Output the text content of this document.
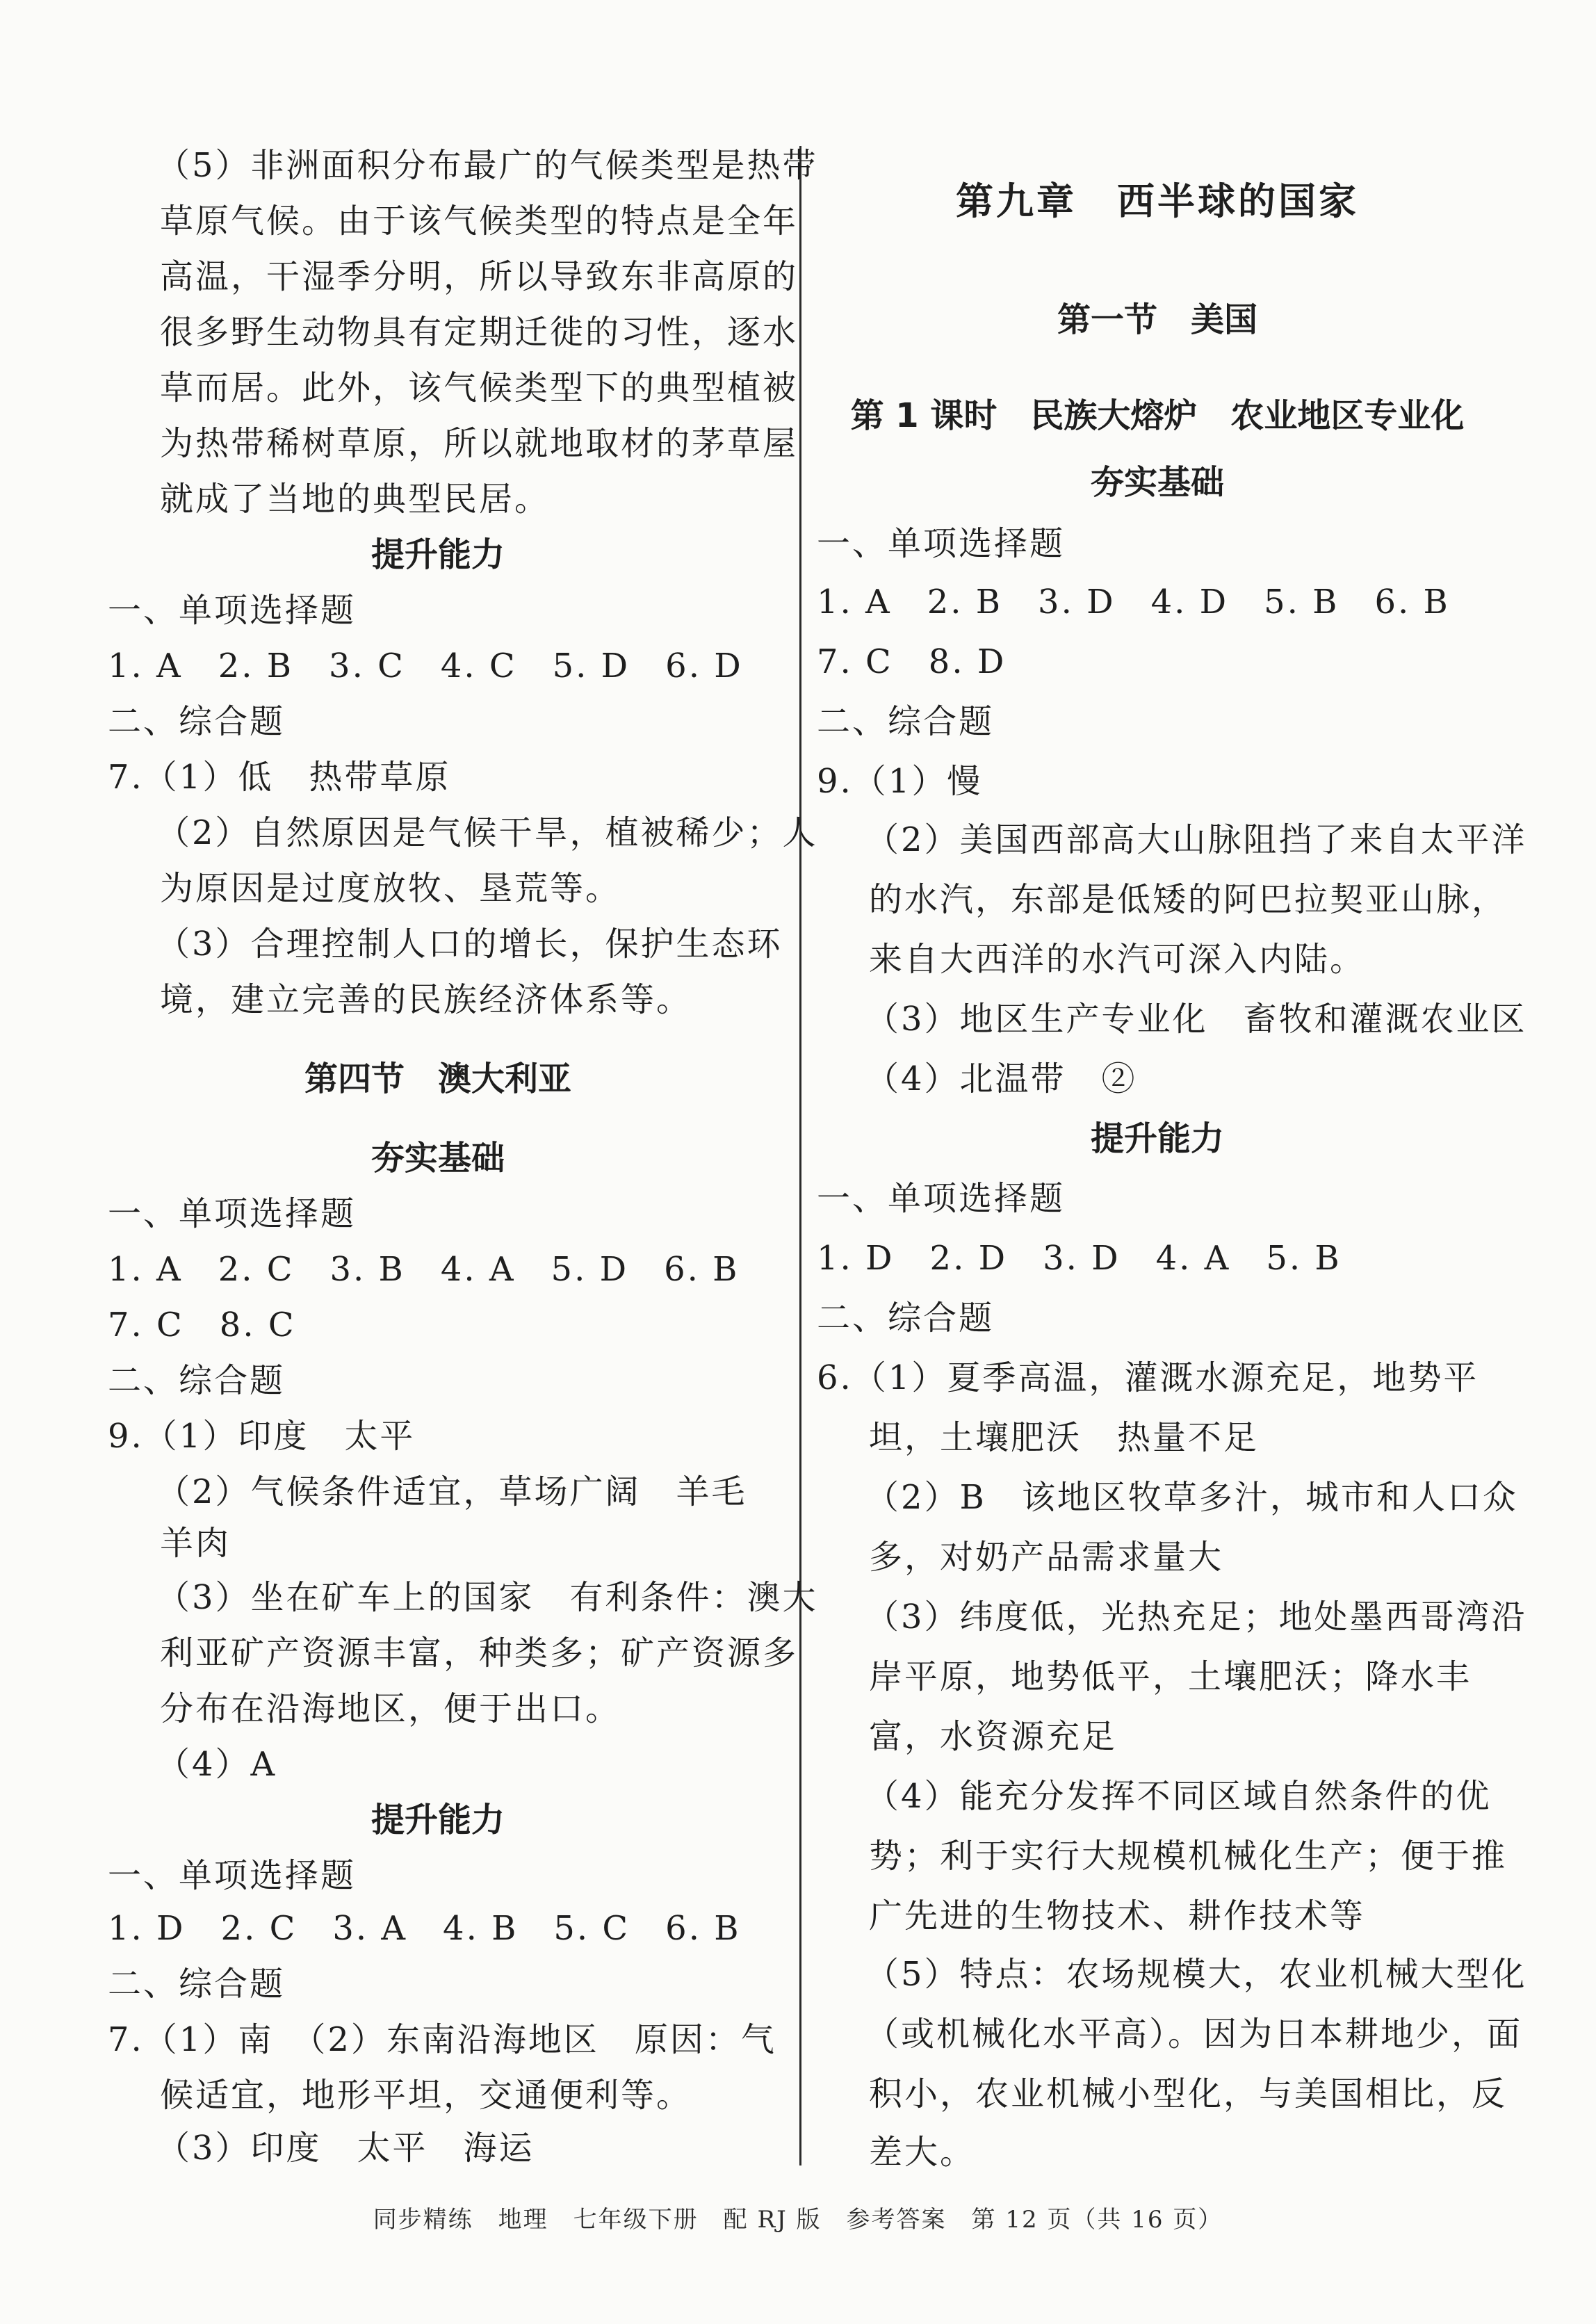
（5）非洲面积分布最广的气候类型是热带
草原气候。由于该气候类型的特点是全年
高温，干湿季分明，所以导致东非高原的
很多野生动物具有定期迁徙的习性，逐水
草而居。此外，该气候类型下的典型植被
为热带稀树草原，所以就地取材的茅草屋
就成了当地的典型民居。
提升能力
一、单项选择题
1. A　2. B　3. C　4. C　5. D　6. D
二、综合题
7.（1）低　热带草原
（2）自然原因是气候干旱，植被稀少；人
为原因是过度放牧、垦荒等。
（3）合理控制人口的增长，保护生态环
境，建立完善的民族经济体系等。
第四节　澳大利亚
夯实基础
一、单项选择题
1. A　2. C　3. B　4. A　5. D　6. B
7. C　8. C
二、综合题
9.（1）印度　太平
（2）气候条件适宜，草场广阔　羊毛
羊肉
（3）坐在矿车上的国家　有利条件：澳大
利亚矿产资源丰富，种类多；矿产资源多
分布在沿海地区，便于出口。
（4）A
提升能力
一、单项选择题
1. D　2. C　3. A　4. B　5. C　6. B
二、综合题
7.（1）南　（2）东南沿海地区　原因：气
候适宜，地形平坦，交通便利等。
（3）印度　太平　海运
第九章　西半球的国家
第一节　美国
第 1 课时　民族大熔炉　农业地区专业化
夯实基础
一、单项选择题
1. A　2. B　3. D　4. D　5. B　6. B
7. C　8. D
二、综合题
9.（1）慢
（2）美国西部高大山脉阻挡了来自太平洋
的水汽，东部是低矮的阿巴拉契亚山脉，
来自大西洋的水汽可深入内陆。
（3）地区生产专业化　畜牧和灌溉农业区
（4）北温带　②
提升能力
一、单项选择题
1. D　2. D　3. D　4. A　5. B
二、综合题
6.（1）夏季高温，灌溉水源充足，地势平
坦，土壤肥沃　热量不足
（2）B　该地区牧草多汁，城市和人口众
多，对奶产品需求量大
（3）纬度低，光热充足；地处墨西哥湾沿
岸平原，地势低平，土壤肥沃；降水丰
富，水资源充足
（4）能充分发挥不同区域自然条件的优
势；利于实行大规模机械化生产；便于推
广先进的生物技术、耕作技术等
（5）特点：农场规模大，农业机械大型化
（或机械化水平高）。因为日本耕地少，面
积小，农业机械小型化，与美国相比，反
差大。
同步精练　地理　七年级下册　配 RJ 版　参考答案　第 12 页（共 16 页）
